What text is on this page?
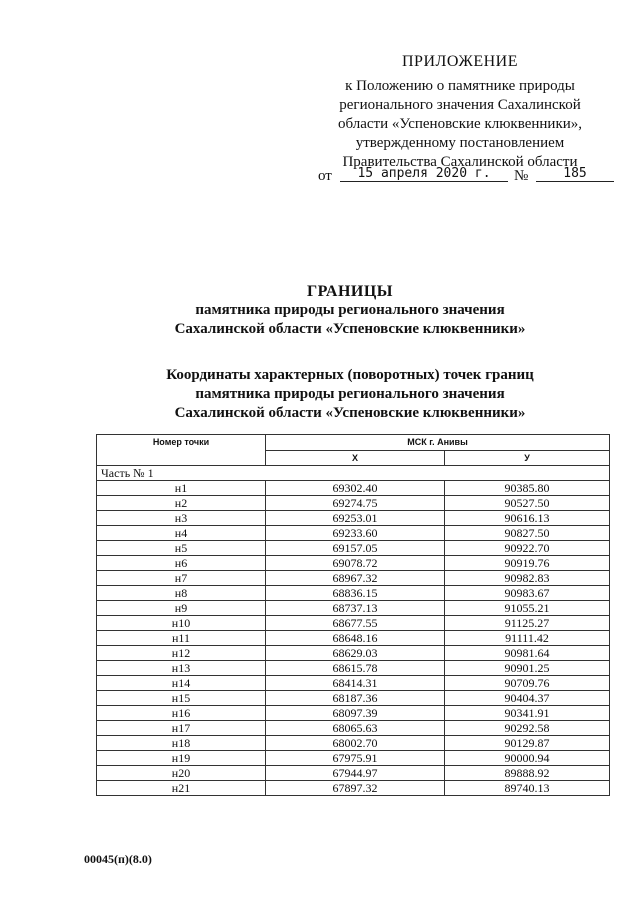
ПРИЛОЖЕНИЕ
к Положению о памятнике природы
регионального значения Сахалинской
области «Успеновские клюквенники»,
утвержденному постановлением
Правительства Сахалинской области
от	15 апреля 2020 г.	№	185
ГРАНИЦЫ
памятника природы регионального значения
Сахалинской области «Успеновские клюквенники»
Координаты характерных (поворотных) точек границ
памятника природы регионального значения
Сахалинской области «Успеновские клюквенники»
Номер точки	МСК г. Анивы	
	X	У
Часть № 1		
н1	69302.40	90385.80
н2	69274.75	90527.50
н3	69253.01	90616.13
н4	69233.60	90827.50
н5	69157.05	90922.70
н6	69078.72	90919.76
н7	68967.32	90982.83
н8	68836.15	90983.67
н9	68737.13	91055.21
н10	68677.55	91125.27
н11	68648.16	91111.42
н12	68629.03	90981.64
н13	68615.78	90901.25
н14	68414.31	90709.76
н15	68187.36	90404.37
н16	68097.39	90341.91
н17	68065.63	90292.58
н18	68002.70	90129.87
н19	67975.91	90000.94
н20	67944.97	89888.92
н21	67897.32	89740.13
00045(п)(8.0)
